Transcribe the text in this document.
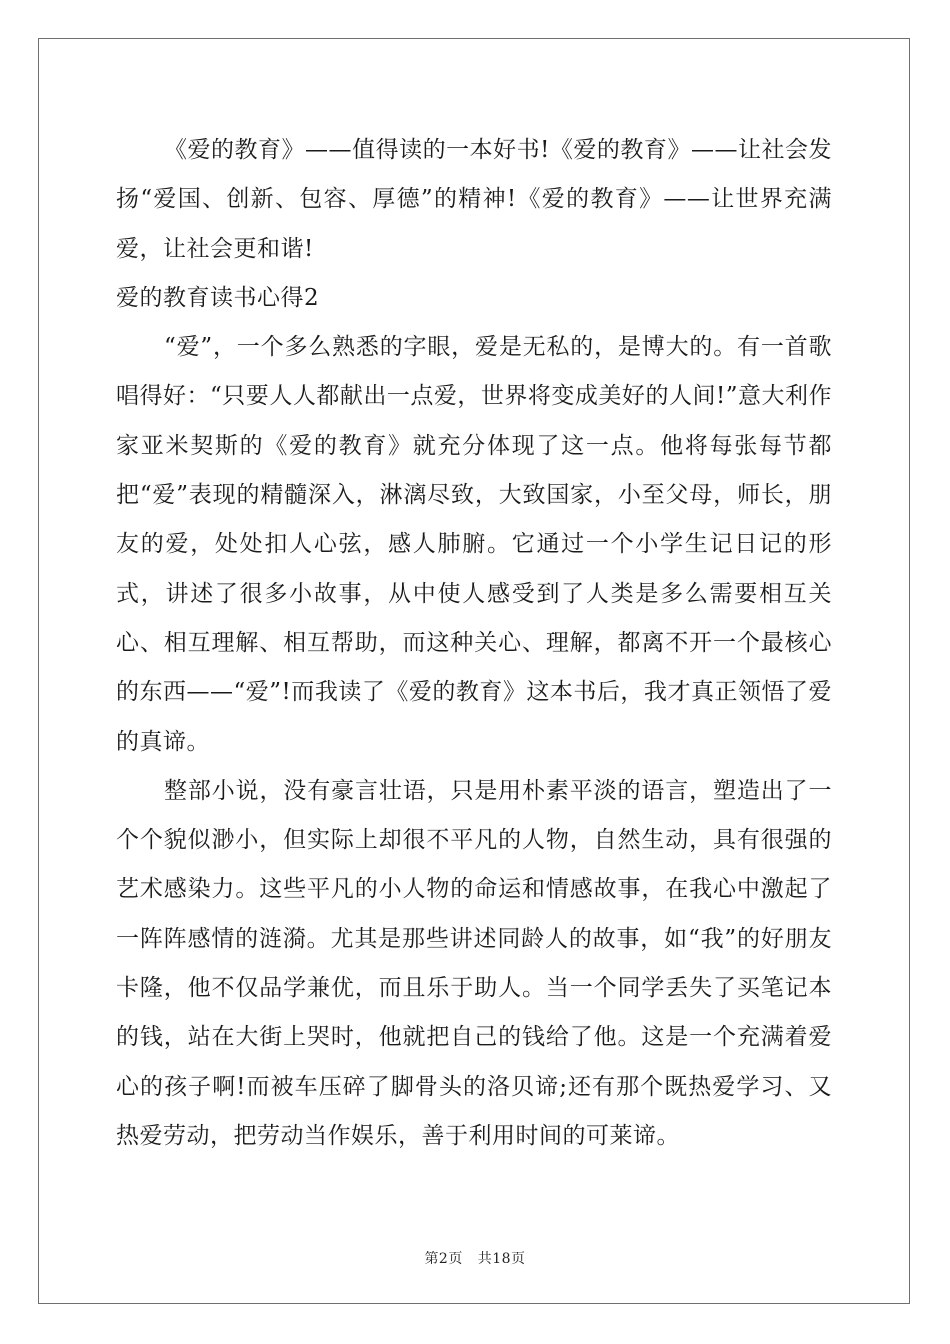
《爱的教育》——值得读的一本好书!《爱的教育》——让社会发扬“爱国、创新、包容、厚德”的精神!《爱的教育》——让世界充满爱，让社会更和谐!

爱的教育读书心得2

“爱”，一个多么熟悉的字眼，爱是无私的，是博大的。有一首歌唱得好：“只要人人都献出一点爱，世界将变成美好的人间!”意大利作家亚米契斯的《爱的教育》就充分体现了这一点。他将每张每节都把“爱”表现的精髓深入，淋漓尽致，大致国家，小至父母，师长，朋友的爱，处处扣人心弦，感人肺腑。它通过一个小学生记日记的形式，讲述了很多小故事，从中使人感受到了人类是多么需要相互关心、相互理解、相互帮助，而这种关心、理解，都离不开一个最核心的东西——“爱”!而我读了《爱的教育》这本书后，我才真正领悟了爱的真谛。

整部小说，没有豪言壮语，只是用朴素平淡的语言，塑造出了一个个貌似渺小，但实际上却很不平凡的人物，自然生动，具有很强的艺术感染力。这些平凡的小人物的命运和情感故事，在我心中激起了一阵阵感情的涟漪。尤其是那些讲述同龄人的故事，如“我”的好朋友卡隆，他不仅品学兼优，而且乐于助人。当一个同学丢失了买笔记本的钱，站在大街上哭时，他就把自己的钱给了他。这是一个充满着爱心的孩子啊!而被车压碎了脚骨头的洛贝谛;还有那个既热爱学习、又热爱劳动，把劳动当作娱乐，善于利用时间的可莱谛。

第2页 共18页
